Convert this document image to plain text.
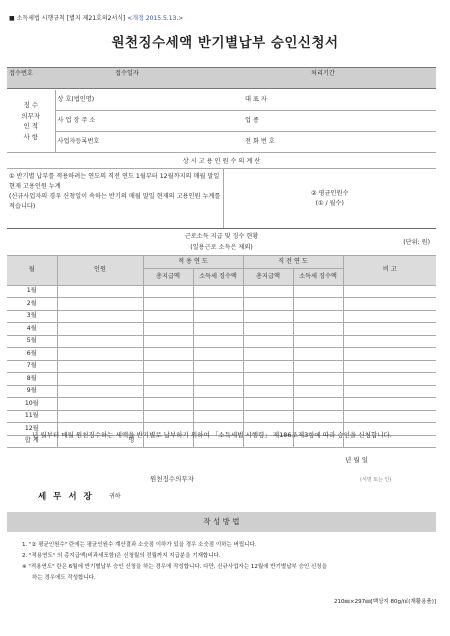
■ 소득세법 시행규칙 [별지 제21호의2서식] <개정 2015.5.13.>
원천징수세액 반기별납부 승인신청서
접수번호	접수일자	처리기간
징 수
의무자
인 적
사 항	상 호(법인명)	대 표 자
	사 업 장 주 소	업 종
	사업자등록번호	전 화 번 호
상 시 고 용 인 원 수 의 계 산

① 반기별 납부를 적용하려는 연도의 직전 연도 1월부터 12월까지의 매월 말일 현재 고용인원 누계
(신규사업자의 경우 신청일이 속하는 반기의 매월 말일 현재의 고용인원 누계를 적습니다)

② 평균인원수
(① / 월수)
근로소득 지급 및 징수 현황
(일용근로 소득은 제외)
(단위: 원)						

월	인원	적 용 연 도		직 전 연 도		비 고
		총지급액	소득세 징수액	총지급액	소득세 징수액	
1월						
2월						
3월						
4월						
5월						
6월						
7월						
8월						
9월						
10월						
11월						
12월						
합 계	명					
년 월부터 매월 원천징수하는 세액을 반기별로 납부하기 위하여 「소득세법 시행령」 제186조제3항에 따라 승인을 신청합니다.
년 월 일
원천징수의무자	(서명 또는 인)
세 무 서 장	귀하
작 성 방 법
1. "② 평균인원수" 란에는 평균인원수 계산결과 소숫점 이하가 있을 경우 소숫점 이하는 버립니다.
2. "적용연도" 의 총지급액(비과세포함)은 신청월의 전월까지 지급분을 기재합니다.
※ "적용연도" 란은 6월에 반기별납부 승인 신청을 하는 경우에 작성합니다. 다만, 신규사업자는 12월에 반기별납부 승인 신청을
하는 경우에도 작성합니다.
210㎜×297㎜[백상지 80g/㎡(재활용품)]
